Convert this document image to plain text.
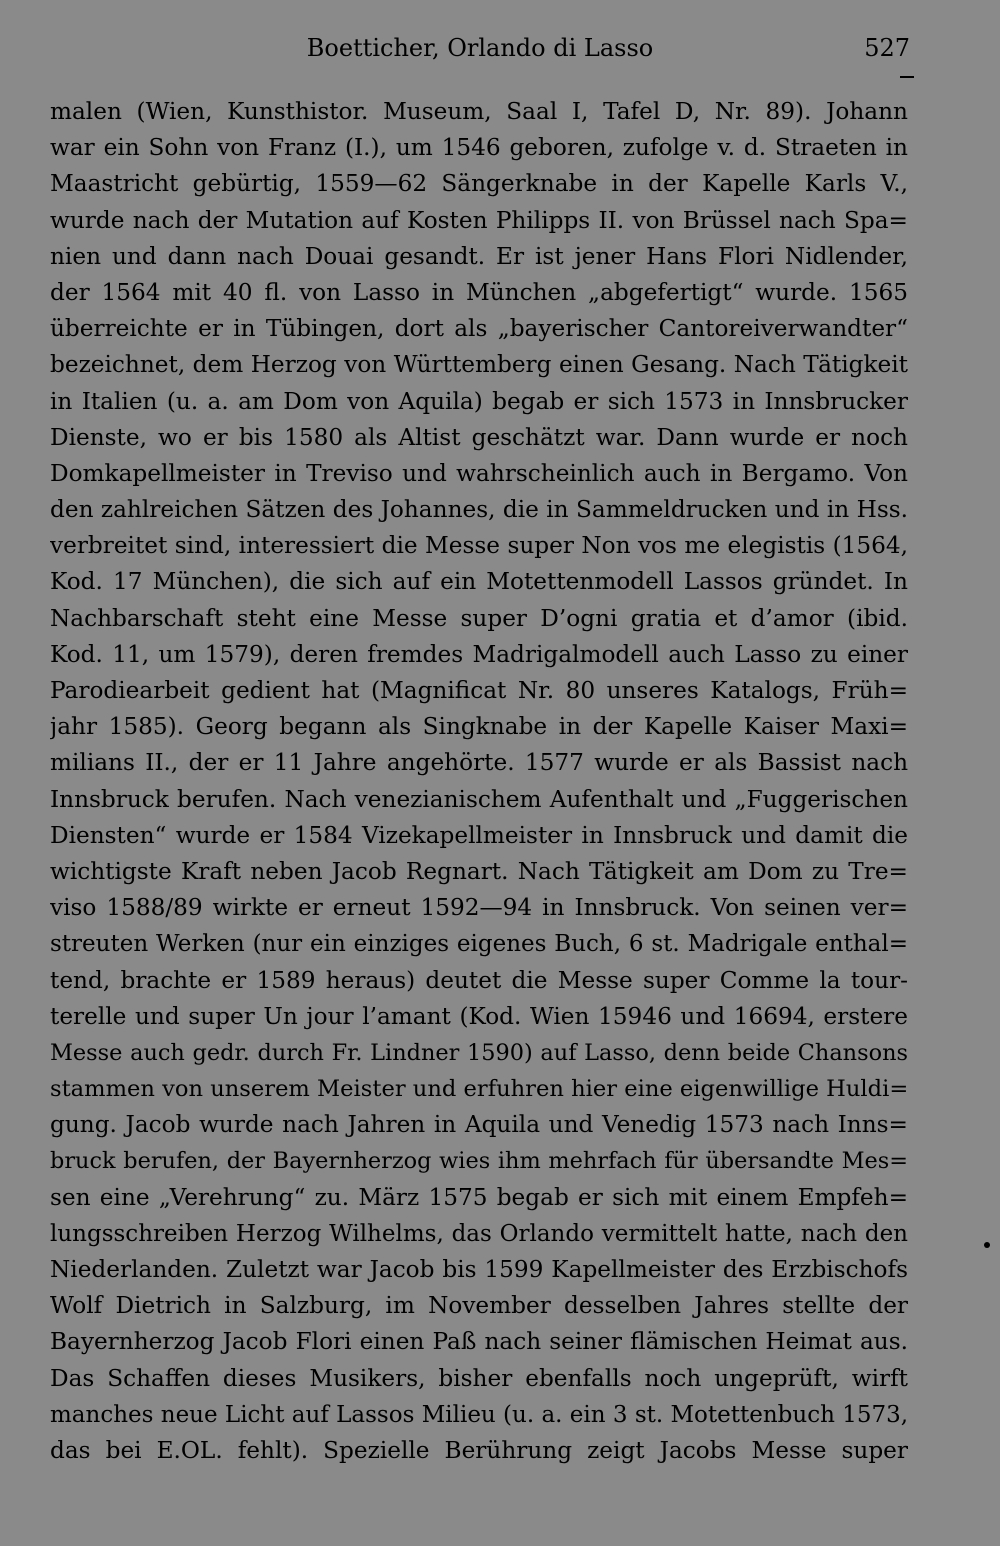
Boetticher, Orlando di Lasso	527
malen (Wien, Kunsthistor. Museum, Saal I, Tafel D, Nr. 89). Johann
war ein Sohn von Franz (I.), um 1546 geboren, zufolge v. d. Straeten in
Maastricht gebürtig, 1559—62 Sängerknabe in der Kapelle Karls V.,
wurde nach der Mutation auf Kosten Philipps II. von Brüssel nach Spa=
nien und dann nach Douai gesandt. Er ist jener Hans Flori Nidlender,
der 1564 mit 40 fl. von Lasso in München „abgefertigt“ wurde. 1565
überreichte er in Tübingen, dort als „bayerischer Cantoreiverwandter“
bezeichnet, dem Herzog von Württemberg einen Gesang. Nach Tätigkeit
in Italien (u. a. am Dom von Aquila) begab er sich 1573 in Innsbrucker
Dienste, wo er bis 1580 als Altist geschätzt war. Dann wurde er noch
Domkapellmeister in Treviso und wahrscheinlich auch in Bergamo. Von
den zahlreichen Sätzen des Johannes, die in Sammeldrucken und in Hss.
verbreitet sind, interessiert die Messe super Non vos me elegistis (1564,
Kod. 17 München), die sich auf ein Motettenmodell Lassos gründet. In
Nachbarschaft steht eine Messe super D’ogni gratia et d’amor (ibid.
Kod. 11, um 1579), deren fremdes Madrigalmodell auch Lasso zu einer
Parodiearbeit gedient hat (Magnificat Nr. 80 unseres Katalogs, Früh=
jahr 1585). Georg begann als Singknabe in der Kapelle Kaiser Maxi=
milians II., der er 11 Jahre angehörte. 1577 wurde er als Bassist nach
Innsbruck berufen. Nach venezianischem Aufenthalt und „Fuggerischen
Diensten“ wurde er 1584 Vizekapellmeister in Innsbruck und damit die
wichtigste Kraft neben Jacob Regnart. Nach Tätigkeit am Dom zu Tre=
viso 1588/89 wirkte er erneut 1592—94 in Innsbruck. Von seinen ver=
streuten Werken (nur ein einziges eigenes Buch, 6 st. Madrigale enthal=
tend, brachte er 1589 heraus) deutet die Messe super Comme la tour-
terelle und super Un jour l’amant (Kod. Wien 15946 und 16694, erstere
Messe auch gedr. durch Fr. Lindner 1590) auf Lasso, denn beide Chansons
stammen von unserem Meister und erfuhren hier eine eigenwillige Huldi=
gung. Jacob wurde nach Jahren in Aquila und Venedig 1573 nach Inns=
bruck berufen, der Bayernherzog wies ihm mehrfach für übersandte Mes=
sen eine „Verehrung“ zu. März 1575 begab er sich mit einem Empfeh=
lungsschreiben Herzog Wilhelms, das Orlando vermittelt hatte, nach den
Niederlanden. Zuletzt war Jacob bis 1599 Kapellmeister des Erzbischofs
Wolf Dietrich in Salzburg, im November desselben Jahres stellte der
Bayernherzog Jacob Flori einen Paß nach seiner flämischen Heimat aus.
Das Schaffen dieses Musikers, bisher ebenfalls noch ungeprüft, wirft
manches neue Licht auf Lassos Milieu (u. a. ein 3 st. Motettenbuch 1573,
das bei E.OL. fehlt). Spezielle Berührung zeigt Jacobs Messe super
